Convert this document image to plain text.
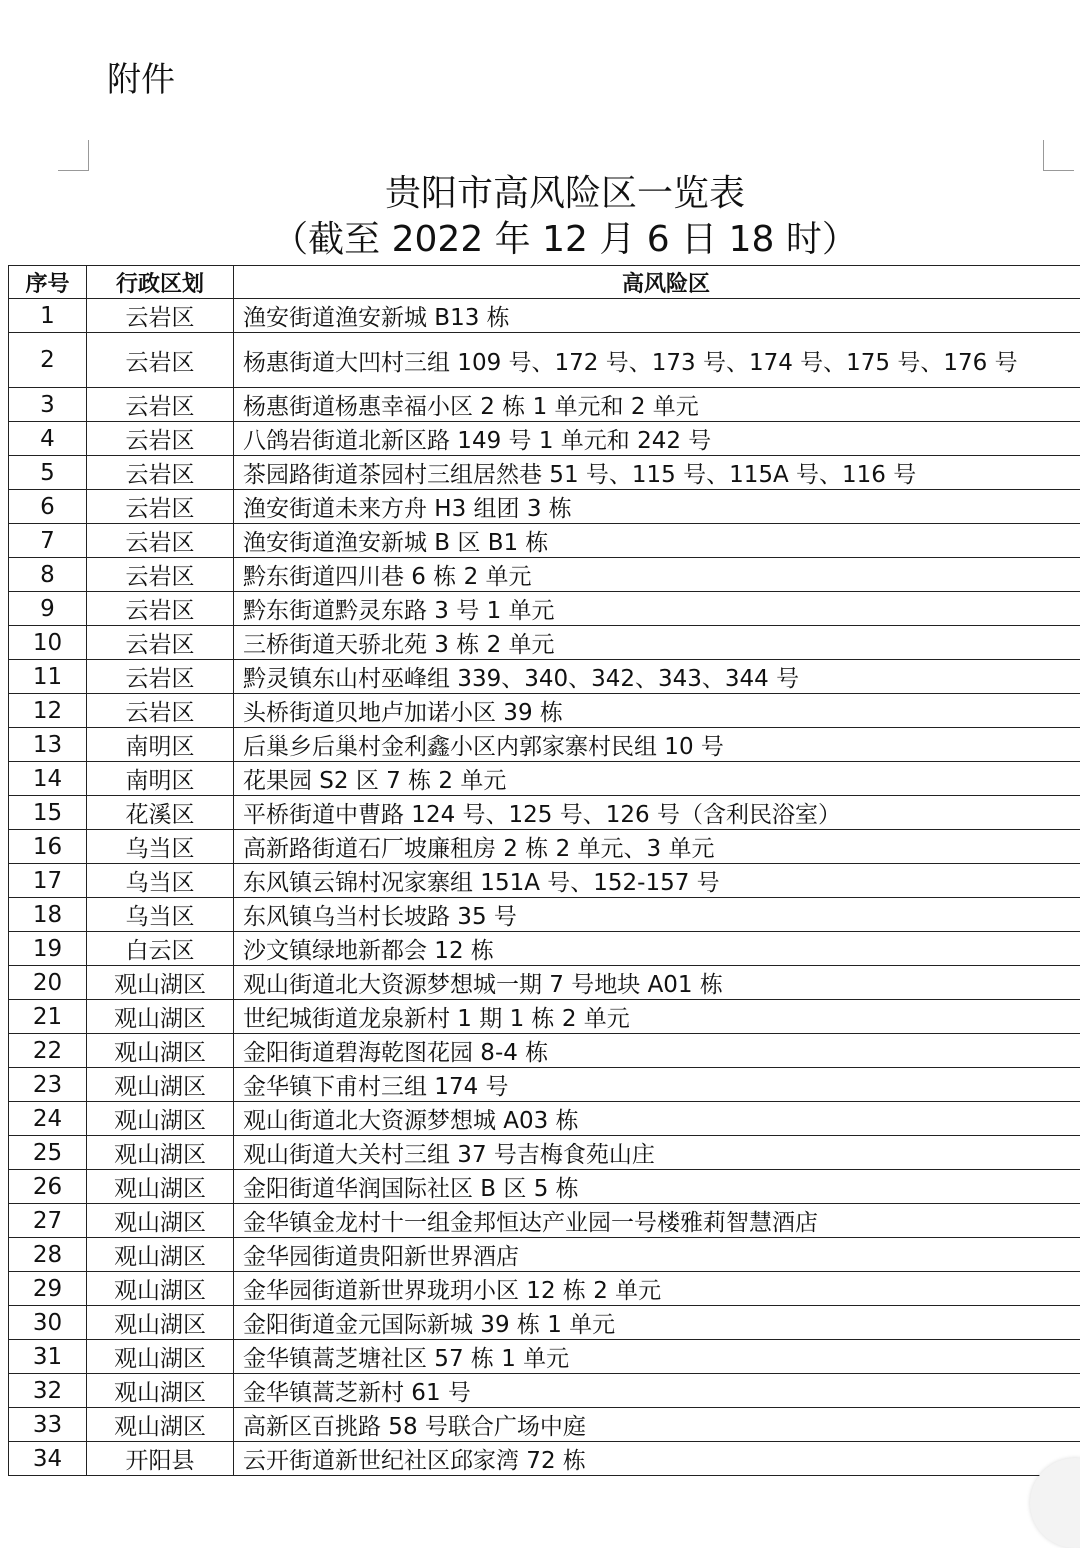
附件
贵阳市高风险区一览表
（截至 2022 年 12 月 6 日 18 时）
序号	行政区划	高风险区
1	云岩区	渔安街道渔安新城 B13 栋
2	云岩区	杨惠街道大凹村三组 109 号、172 号、173 号、174 号、175 号、176 号
3	云岩区	杨惠街道杨惠幸福小区 2 栋 1 单元和 2 单元
4	云岩区	八鸽岩街道北新区路 149 号 1 单元和 242 号
5	云岩区	茶园路街道茶园村三组居然巷 51 号、115 号、115A 号、116 号
6	云岩区	渔安街道未来方舟 H3 组团 3 栋
7	云岩区	渔安街道渔安新城 B 区 B1 栋
8	云岩区	黔东街道四川巷 6 栋 2 单元
9	云岩区	黔东街道黔灵东路 3 号 1 单元
10	云岩区	三桥街道天骄北苑 3 栋 2 单元
11	云岩区	黔灵镇东山村巫峰组 339、340、342、343、344 号
12	云岩区	头桥街道贝地卢加诺小区 39 栋
13	南明区	后巢乡后巢村金利鑫小区内郭家寨村民组 10 号
14	南明区	花果园 S2 区 7 栋 2 单元
15	花溪区	平桥街道中曹路 124 号、125 号、126 号（含利民浴室）
16	乌当区	高新路街道石厂坡廉租房 2 栋 2 单元、3 单元
17	乌当区	东风镇云锦村况家寨组 151A 号、152-157 号
18	乌当区	东风镇乌当村长坡路 35 号
19	白云区	沙文镇绿地新都会 12 栋
20	观山湖区	观山街道北大资源梦想城一期 7 号地块 A01 栋
21	观山湖区	世纪城街道龙泉新村 1 期 1 栋 2 单元
22	观山湖区	金阳街道碧海乾图花园 8-4 栋
23	观山湖区	金华镇下甫村三组 174 号
24	观山湖区	观山街道北大资源梦想城 A03 栋
25	观山湖区	观山街道大关村三组 37 号吉梅食苑山庄
26	观山湖区	金阳街道华润国际社区 B 区 5 栋
27	观山湖区	金华镇金龙村十一组金邦恒达产业园一号楼雅莉智慧酒店
28	观山湖区	金华园街道贵阳新世界酒店
29	观山湖区	金华园街道新世界珑玥小区 12 栋 2 单元
30	观山湖区	金阳街道金元国际新城 39 栋 1 单元
31	观山湖区	金华镇蒿芝塘社区 57 栋 1 单元
32	观山湖区	金华镇蒿芝新村 61 号
33	观山湖区	高新区百挑路 58 号联合广场中庭
34	开阳县	云开街道新世纪社区邱家湾 72 栋
